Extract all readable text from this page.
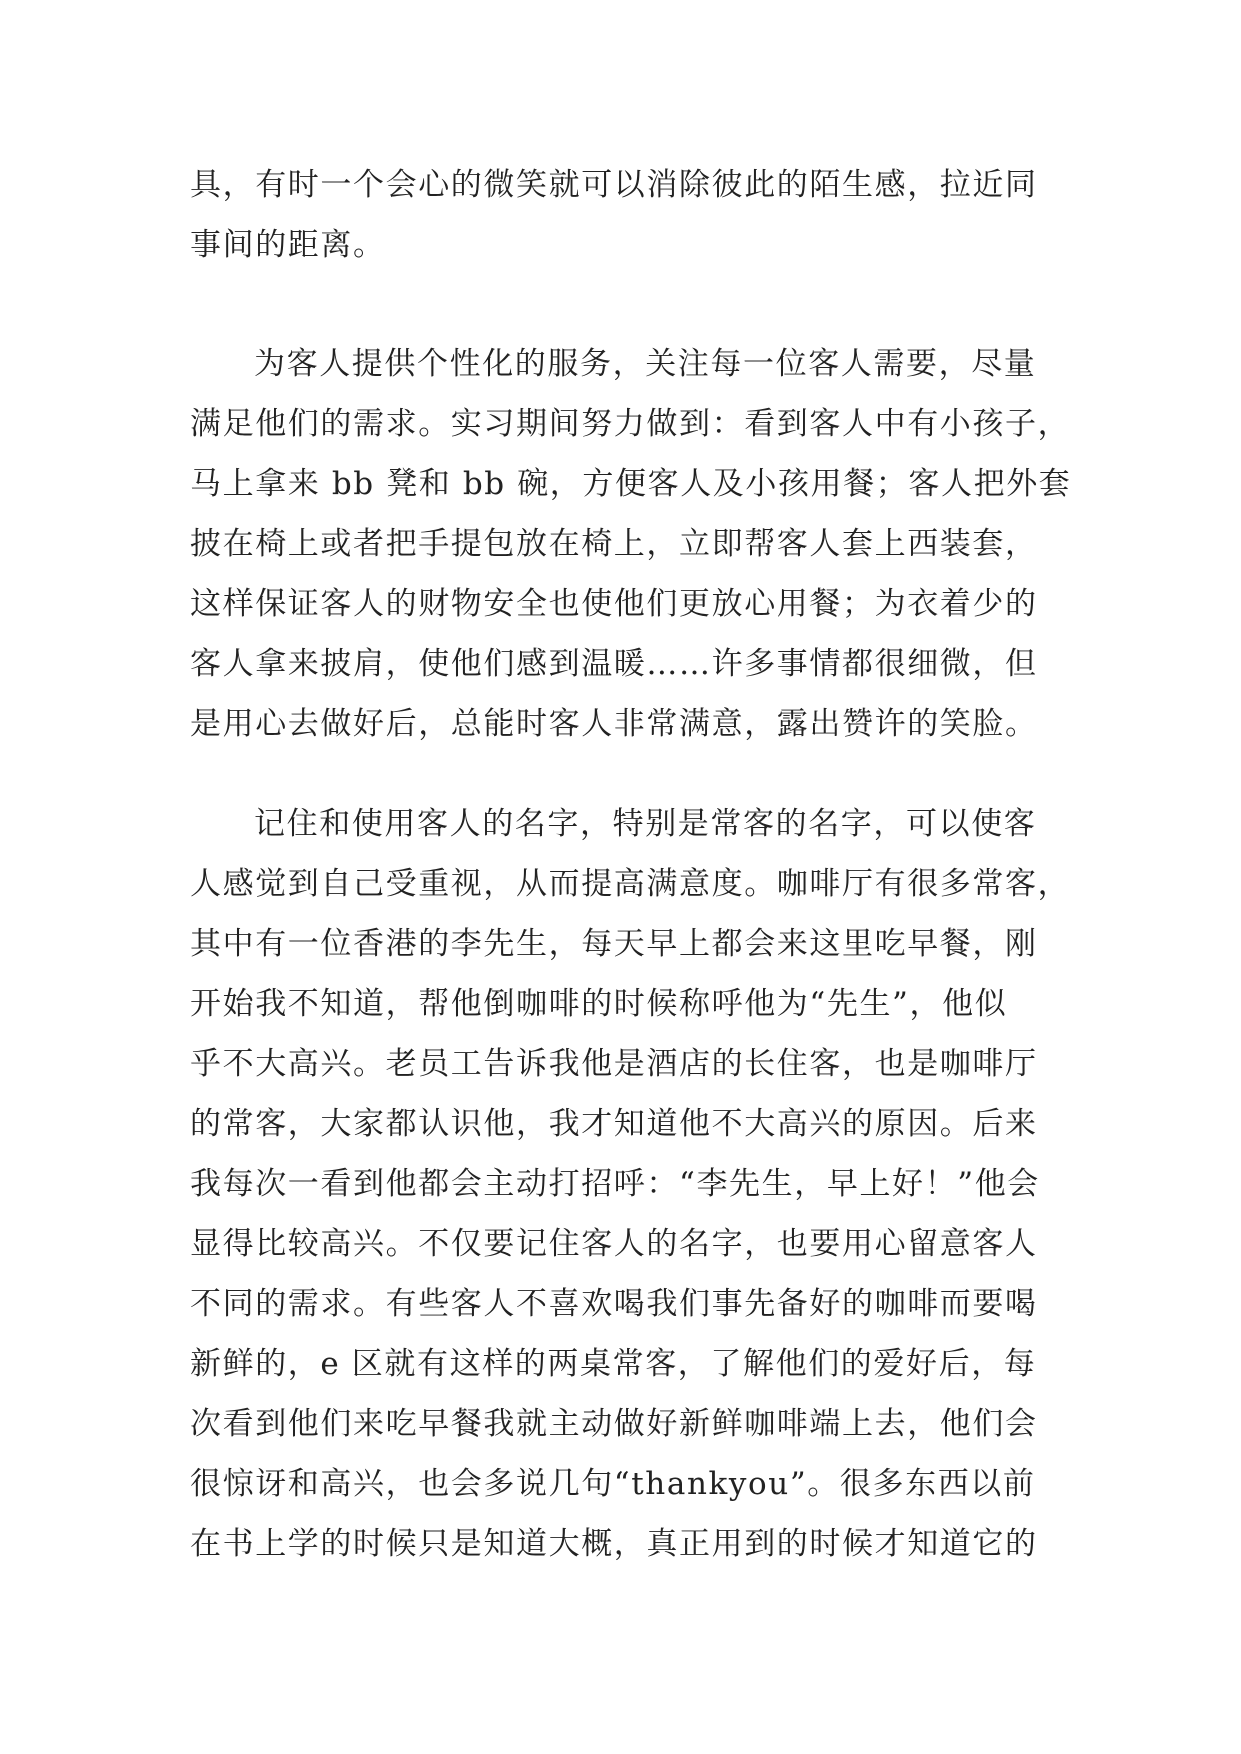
具，有时一个会心的微笑就可以消除彼此的陌生感，拉近同
事间的距离。
为客人提供个性化的服务，关注每一位客人需要，尽量
满足他们的需求。实习期间努力做到：看到客人中有小孩子，
马上拿来 bb 凳和 bb 碗，方便客人及小孩用餐；客人把外套
披在椅上或者把手提包放在椅上，立即帮客人套上西装套，
这样保证客人的财物安全也使他们更放心用餐；为衣着少的
客人拿来披肩，使他们感到温暖……许多事情都很细微，但
是用心去做好后，总能时客人非常满意，露出赞许的笑脸。
记住和使用客人的名字，特别是常客的名字，可以使客
人感觉到自己受重视，从而提高满意度。咖啡厅有很多常客，
其中有一位香港的李先生，每天早上都会来这里吃早餐，刚
开始我不知道，帮他倒咖啡的时候称呼他为“先生”，他似
乎不大高兴。老员工告诉我他是酒店的长住客，也是咖啡厅
的常客，大家都认识他，我才知道他不大高兴的原因。后来
我每次一看到他都会主动打招呼：“李先生，早上好！”他会
显得比较高兴。不仅要记住客人的名字，也要用心留意客人
不同的需求。有些客人不喜欢喝我们事先备好的咖啡而要喝
新鲜的，e 区就有这样的两桌常客，了解他们的爱好后，每
次看到他们来吃早餐我就主动做好新鲜咖啡端上去，他们会
很惊讶和高兴，也会多说几句“thankyou”。很多东西以前
在书上学的时候只是知道大概，真正用到的时候才知道它的
